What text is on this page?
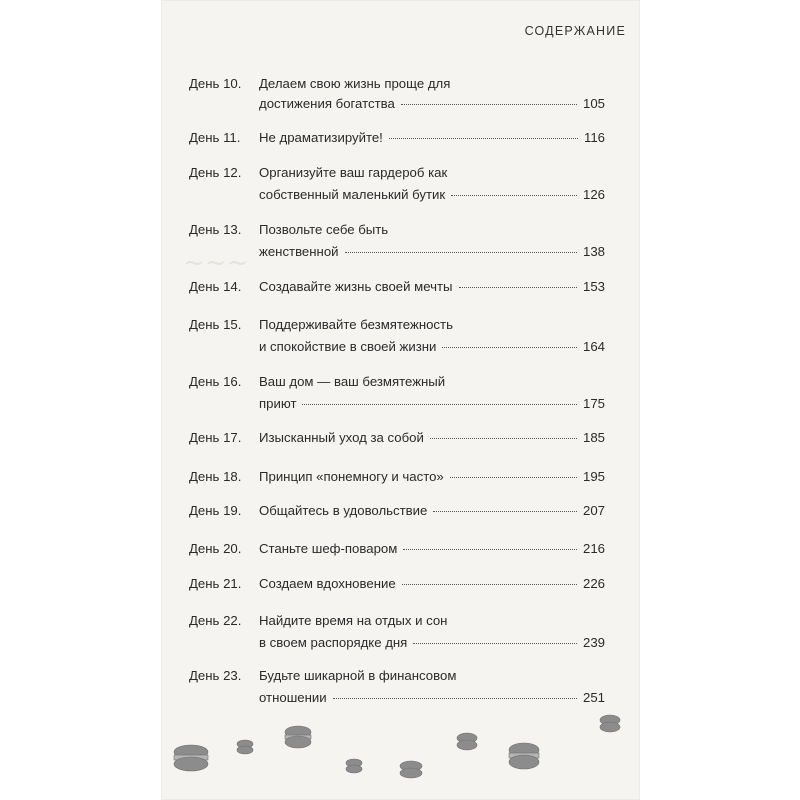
СОДЕРЖАНИЕ
~~~
День 10. Делаем свою жизнь проще для
достижения богатства	105
День 11. Не драматизируйте!	116
День 12. Организуйте ваш гардероб как
собственный маленький бутик	126
День 13. Позвольте себе быть
женственной	138
День 14. Создавайте жизнь своей мечты	153
День 15. Поддерживайте безмятежность
и спокойствие в своей жизни	164
День 16. Ваш дом — ваш безмятежный
приют	175
День 17. Изысканный уход за собой	185
День 18. Принцип «понемногу и часто»	195
День 19. Общайтесь в удовольствие	207
День 20. Станьте шеф-поваром	216
День 21. Создаем вдохновение	226
День 22. Найдите время на отдых и сон
в своем распорядке дня	239
День 23. Будьте шикарной в финансовом
отношении	251
